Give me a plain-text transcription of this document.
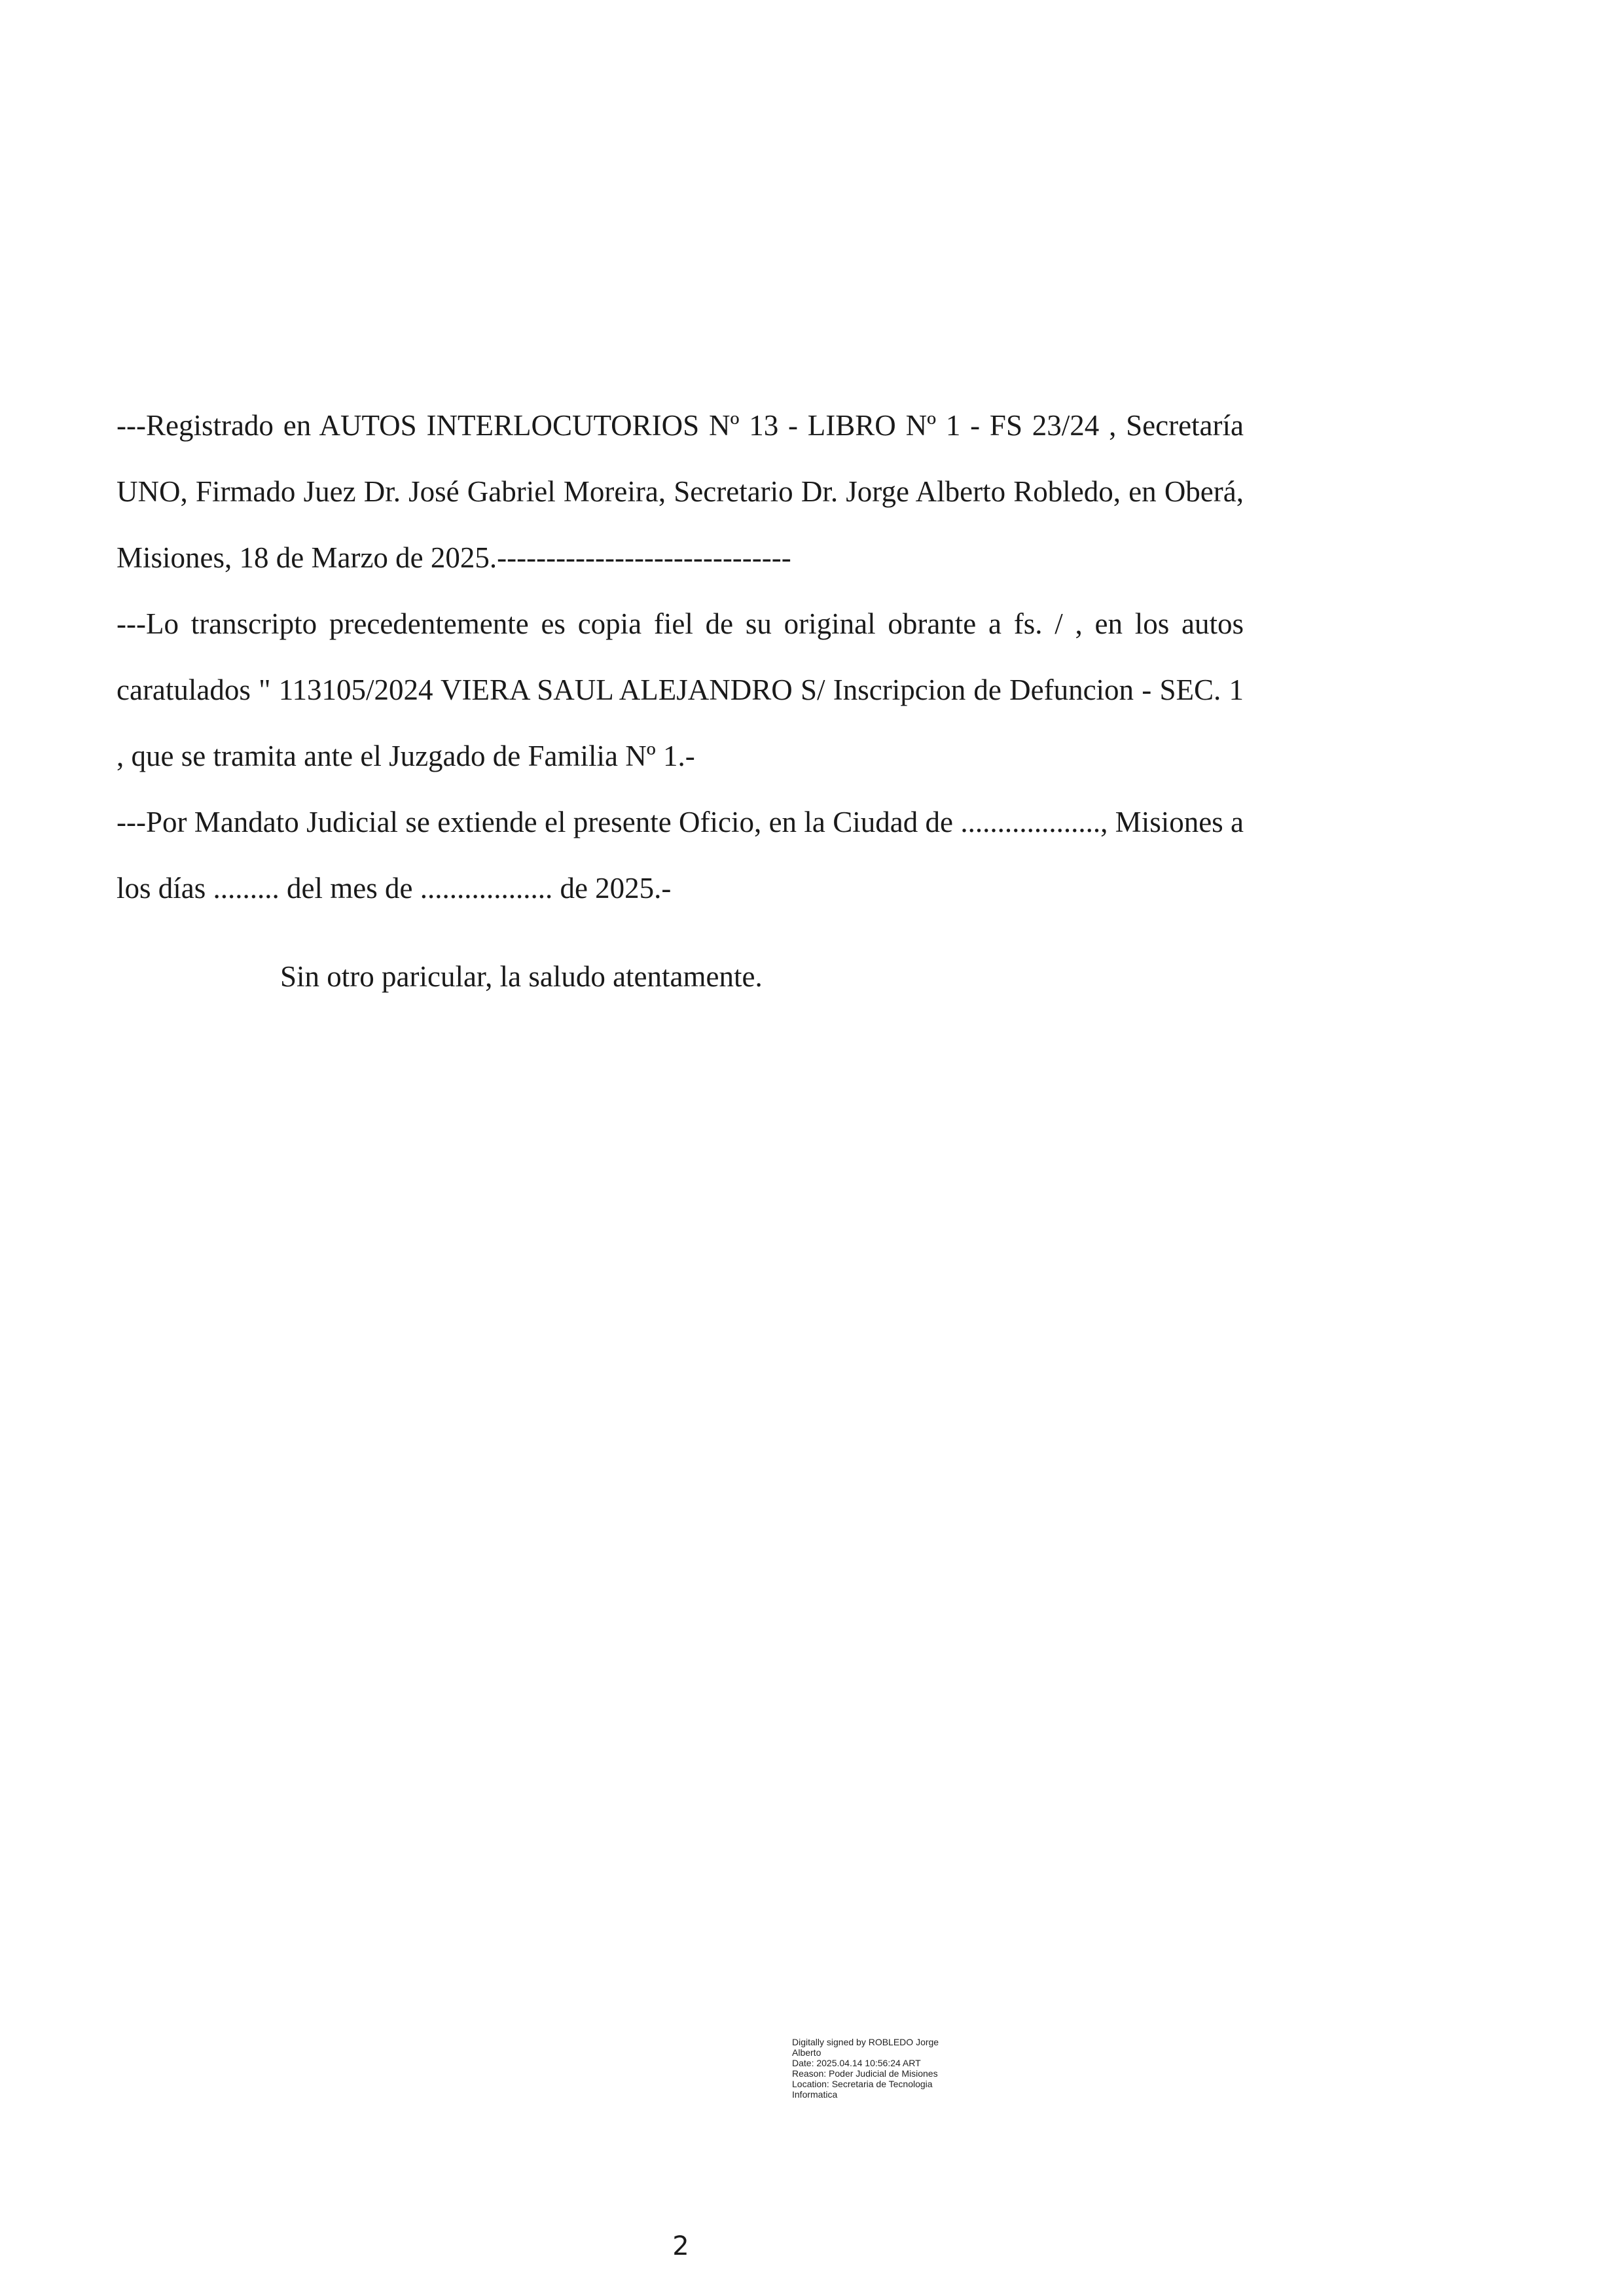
---Registrado en AUTOS INTERLOCUTORIOS Nº 13 - LIBRO Nº 1 - FS 23/24 , Secretaría UNO, Firmado Juez Dr. José Gabriel Moreira, Secretario Dr. Jorge Alberto Robledo, en Oberá, Misiones, 18 de Marzo de 2025.------------------------------

---Lo transcripto precedentemente es copia fiel de su original obrante a fs. / , en los autos caratulados " 113105/2024 VIERA SAUL ALEJANDRO S/ Inscripcion de Defuncion - SEC. 1 , que se tramita ante el Juzgado de Familia Nº 1.-

---Por Mandato Judicial se extiende el presente Oficio, en la Ciudad de ..................., Misiones a los días ......... del mes de .................. de 2025.-

Sin otro paricular, la saludo atentamente.
Digitally signed by ROBLEDO Jorge
Alberto
Date: 2025.04.14 10:56:24 ART
Reason: Poder Judicial de Misiones
Location: Secretaria de Tecnologia
Informatica
2
